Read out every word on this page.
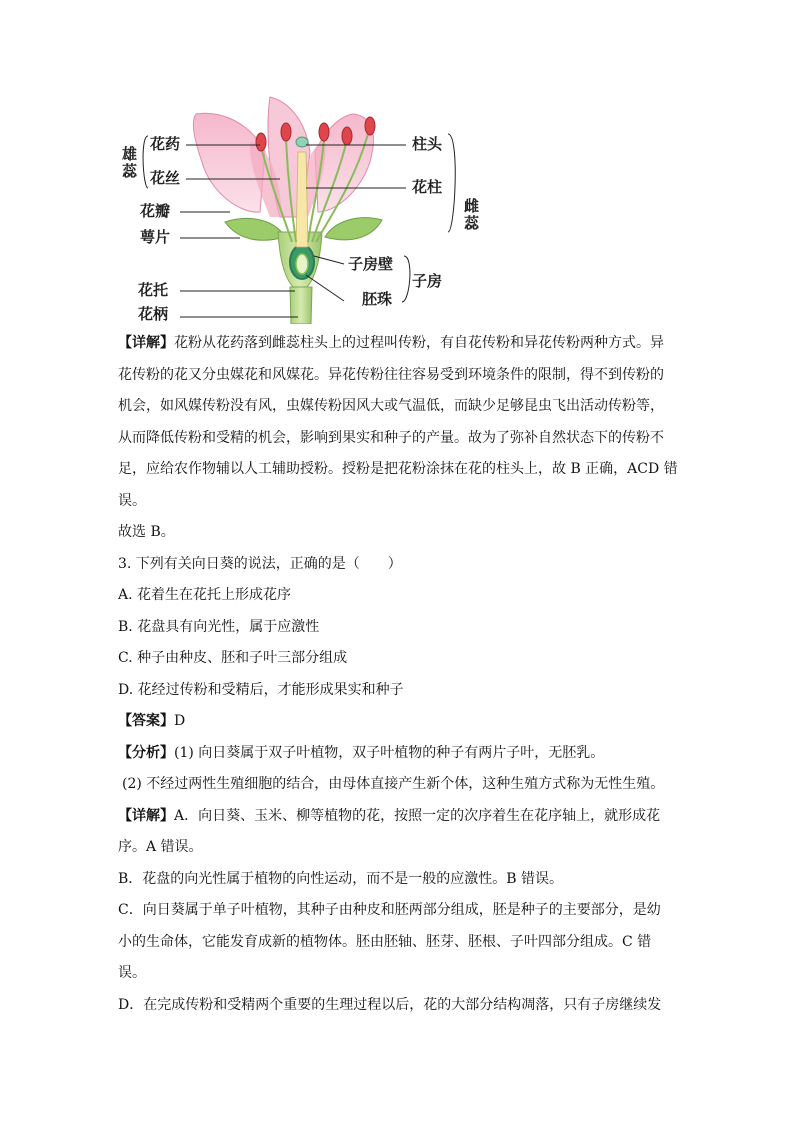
花药
花丝
雄蕊
花瓣
萼片
花托
花柄
柱头
花柱
雌蕊
子房壁
胚珠
子房

【详解】花粉从花药落到雌蕊柱头上的过程叫传粉，有自花传粉和异花传粉两种方式。异

花传粉的花又分虫媒花和风媒花。异花传粉往往容易受到环境条件的限制，得不到传粉的

机会，如风媒传粉没有风，虫媒传粉因风大或气温低，而缺少足够昆虫飞出活动传粉等，

从而降低传粉和受精的机会，影响到果实和种子的产量。故为了弥补自然状态下的传粉不

足，应给农作物辅以人工辅助授粉。授粉是把花粉涂抹在花的柱头上，故 B 正确，ACD 错

误。

故选 B。

3. 下列有关向日葵的说法，正确的是（　　）

A. 花着生在花托上形成花序

B. 花盘具有向光性，属于应激性

C. 种子由种皮、胚和子叶三部分组成

D. 花经过传粉和受精后，才能形成果实和种子

【答案】D

【分析】(1) 向日葵属于双子叶植物，双子叶植物的种子有两片子叶，无胚乳。

(2) 不经过两性生殖细胞的结合，由母体直接产生新个体，这种生殖方式称为无性生殖。

【详解】A．向日葵、玉米、柳等植物的花，按照一定的次序着生在花序轴上，就形成花

序。A 错误。

B．花盘的向光性属于植物的向性运动，而不是一般的应激性。B 错误。

C．向日葵属于单子叶植物，其种子由种皮和胚两部分组成，胚是种子的主要部分，是幼

小的生命体，它能发育成新的植物体。胚由胚轴、胚芽、胚根、子叶四部分组成。C 错

误。

D．在完成传粉和受精两个重要的生理过程以后，花的大部分结构凋落，只有子房继续发
